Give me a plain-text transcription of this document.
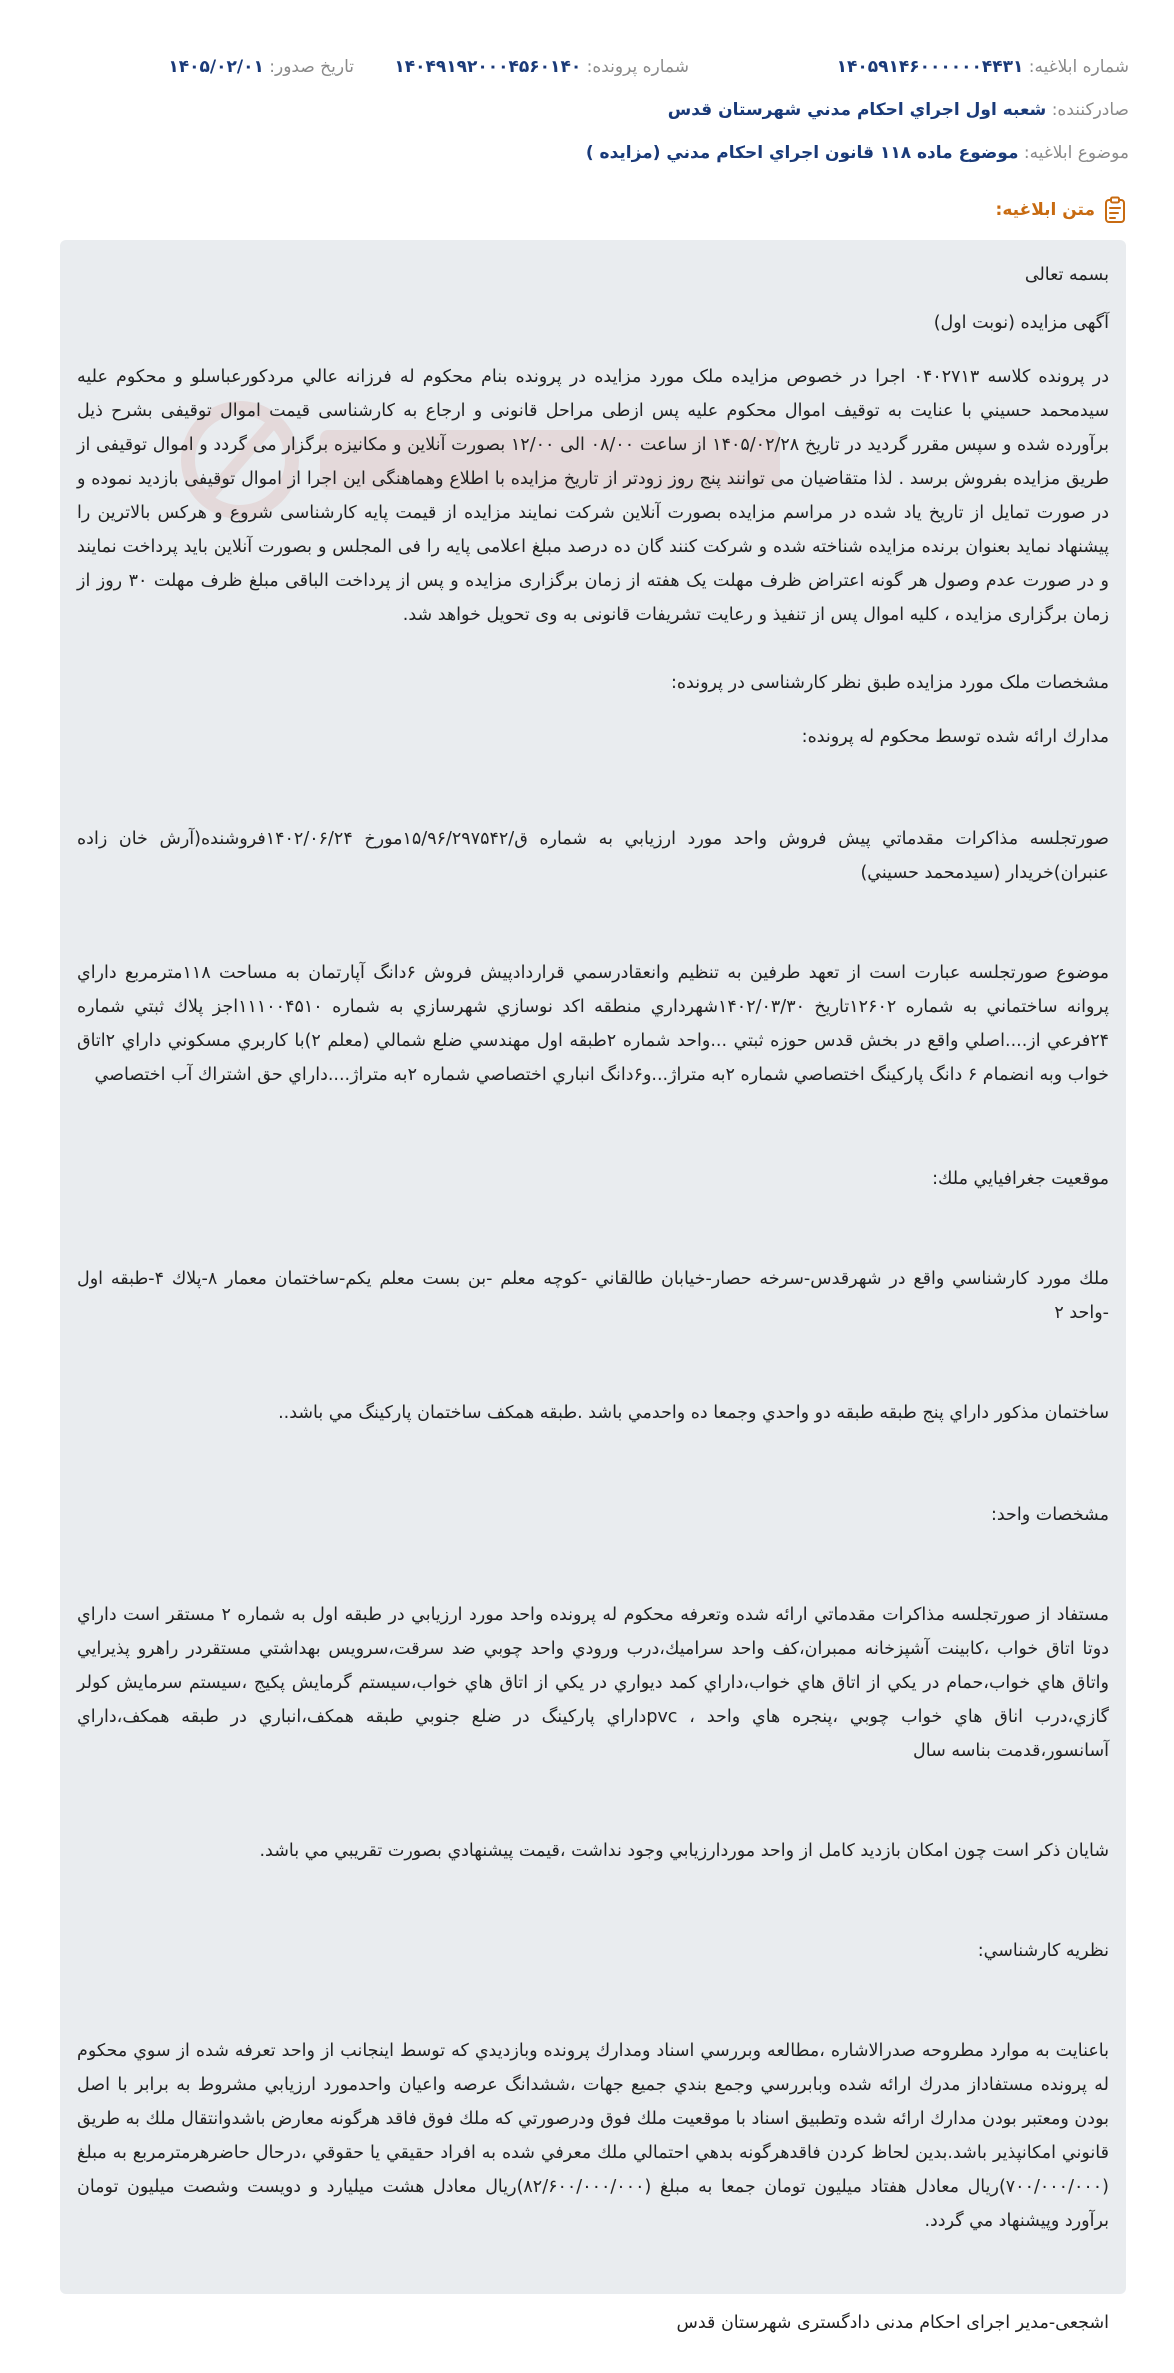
شماره ابلاغیه: ۱۴۰۵۹۱۴۶۰۰۰۰۰۰۴۴۳۱
شماره پرونده: ۱۴۰۴۹۱۹۲۰۰۰۴۵۶۰۱۴۰
تاریخ صدور: ۱۴۰۵/۰۲/۰۱
صادرکننده: شعبه اول اجراي احكام مدني شهرستان قدس
موضوع ابلاغیه: موضوع ماده ۱۱۸ قانون اجراي احكام مدني (مزايده )
متن ابلاغیه:

بسمه تعالی

آگهی مزایده (نوبت اول)

در پرونده کلاسه ۰۴۰۲۷۱۳ اجرا در خصوص مزایده ملک مورد مزایده در پرونده بنام محکوم له فرزانه عالي مردکورعباسلو و محکوم علیه سیدمحمد حسيني با عنایت به توقیف اموال محکوم علیه پس ازطی مراحل قانونی و ارجاع به کارشناسی قیمت اموال توقیفی بشرح ذیل برآورده شده و سپس مقرر گردید در تاریخ ۱۴۰۵/۰۲/۲۸ از ساعت ۰۸/۰۰ الی ۱۲/۰۰ بصورت آنلاین و مکانیزه برگزار می گردد و اموال توقیفی از طریق مزایده بفروش برسد . لذا متقاضیان می توانند پنج روز زودتر از تاریخ مزایده با اطلاع وهماهنگی این اجرا از اموال توقیفی بازدید نموده و در صورت تمایل از تاریخ یاد شده در مراسم مزایده بصورت آنلاین شرکت نمایند مزایده از قیمت پایه کارشناسی شروع و هرکس بالاترین را پیشنهاد نماید بعنوان برنده مزایده شناخته شده و شرکت کنند گان ده درصد مبلغ اعلامی پایه را فی المجلس و بصورت آنلاین باید پرداخت نمایند و در صورت عدم وصول هر گونه اعتراض ظرف مهلت یک هفته از زمان برگزاری مزایده و پس از پرداخت الباقی مبلغ ظرف مهلت ۳۰ روز از زمان برگزاری مزایده ، کلیه اموال پس از تنفیذ و رعایت تشریفات قانونی به وی تحویل خواهد شد.

مشخصات ملک مورد مزایده طبق نظر کارشناسی در پرونده:

مدارك ارائه شده توسط محكوم له پرونده:

صورتجلسه مذاكرات مقدماتي پيش فروش واحد مورد ارزيابي به شماره ق/۱۵/۹۶/۲۹۷۵۴۲مورخ ۱۴۰۲/۰۶/۲۴فروشنده(آرش خان زاده عنبران)خريدار (سيدمحمد حسيني)

موضوع صورتجلسه عبارت است از تعهد طرفين به تنظيم وانعقادرسمي قراردادپيش فروش ۶دانگ آپارتمان به مساحت ۱۱۸مترمربع داراي پروانه ساختماني به شماره ۱۲۶۰۲تاريخ ۱۴۰۲/۰۳/۳۰شهرداري منطقه اكد نوسازي شهرسازي به شماره ۱۱۱۰۰۴۵۱۰اجز پلاك ثبتي شماره ۲۴فرعي از....اصلي واقع در بخش قدس حوزه ثبتي ...واحد شماره ۲طبقه اول مهندسي ضلع شمالي (معلم ۲)با كاربري مسكوني داراي ۲اتاق خواب وبه انضمام ۶ دانگ پاركينگ اختصاصي شماره ۲به متراژ...و۶دانگ انباري اختصاصي شماره ۲به متراژ....داراي حق اشتراك آب اختصاصي

موقعيت جغرافيايي ملك:

ملك مورد كارشناسي واقع در شهرقدس-سرخه حصار-خيابان طالقاني -كوچه معلم -بن بست معلم يكم-ساختمان معمار ۸-پلاك ۴-طبقه اول -واحد ۲

ساختمان مذكور داراي پنج طبقه طبقه دو واحدي وجمعا ده واحدمي باشد .طبقه همكف ساختمان پاركينگ مي باشد..

مشخصات واحد:

مستفاد از صورتجلسه مذاكرات مقدماتي ارائه شده وتعرفه محكوم له پرونده واحد مورد ارزيابي در طبقه اول به شماره ۲ مستقر است داراي دوتا اتاق خواب ،كابينت آشپزخانه ممبران،كف واحد سراميك،درب ورودي واحد چوبي ضد سرقت،سرويس بهداشتي مستقردر راهرو پذيرايي واتاق هاي خواب،حمام در يكي از اتاق هاي خواب،داراي كمد ديواري در يكي از اتاق هاي خواب،سيستم گرمايش پكيج ،سيستم سرمايش كولر گازي،درب اناق هاي خواب چوبي ،پنجره هاي واحد ، pvcداراي پاركينگ در ضلع جنوبي طبقه همكف،انباري در طبقه همكف،داراي آسانسور،قدمت بناسه سال

شايان ذكر است چون امكان بازديد كامل از واحد موردارزيابي وجود نداشت ،قيمت پيشنهادي بصورت تقريبي مي باشد.

نظريه كارشناسي:

باعنايت به موارد مطروحه صدرالاشاره ،مطالعه وبررسي اسناد ومدارك پرونده وبازديدي كه توسط اينجانب از واحد تعرفه شده از سوي محكوم له پرونده مستفاداز مدرك ارائه شده وبابررسي وجمع بندي جميع جهات ،ششدانگ عرصه واعيان واحدمورد ارزيابي مشروط به برابر با اصل بودن ومعتبر بودن مدارك ارائه شده وتطبيق اسناد با موقعيت ملك فوق ودرصورتي كه ملك فوق فاقد هرگونه معارض باشدوانتقال ملك به طريق قانوني امكانپذير باشد.بدين لحاظ كردن فاقدهرگونه بدهي احتمالي ملك معرفي شده به افراد حقيقي يا حقوقي ،درحال حاضرهرمترمربع به مبلغ (۷۰۰/۰۰۰/۰۰۰)ريال معادل هفتاد ميليون تومان جمعا به مبلغ (۸۲/۶۰۰/۰۰۰/۰۰۰)ريال معادل هشت ميليارد و دويست وشصت ميليون تومان برآورد وپيشنهاد مي گردد.

اشجعی-مدیر اجرای احکام مدنی دادگستری شهرستان قدس
